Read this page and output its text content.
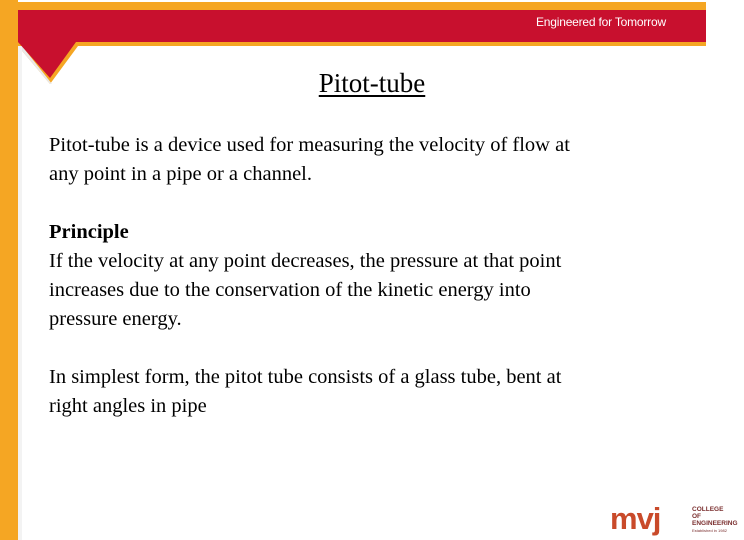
Engineered for Tomorrow
Pitot-tube

Pitot-tube is a device used for measuring the velocity of flow at

any point in a pipe or a channel.

Principle

If the velocity at any point decreases, the pressure at that point

increases due to the conservation of the kinetic energy into

pressure energy.

In simplest form, the pitot tube consists of a glass tube, bent at

right angles in pipe

mvj	COLLEGE OF
ENGINEERING
Established in 1982
